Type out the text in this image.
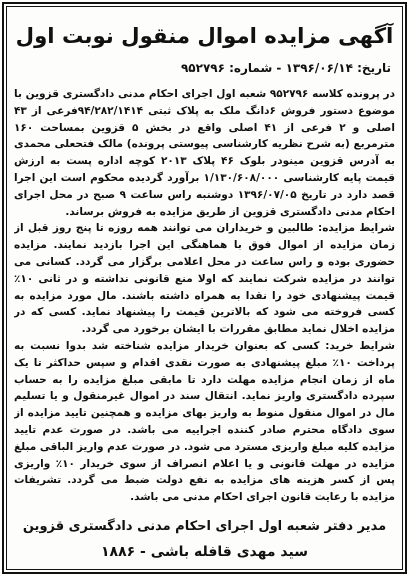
آگهی مزایده اموال منقول نوبت اول
تاریخ: ۱۳۹۶/۰۶/۱۴ - شماره: ۹۵۲۷۹۶

در پرونده کلاسه ۹۵۲۷۹۶ شعبه اول اجرای احکام مدنی دادگستری قزوین با موضوع دستور فروش ۶دانگ ملک به پلاک ثبتی ۹۴/۲۸۲/۱۴۱۴فرعی از ۴۳ اصلی و ۲ فرعی از ۴۱ اصلی واقع در بخش ۵ قزوین بمساحت ۱۶۰ مترمربع (به شرح نظریه کارشناسی پیوستی پرونده) مالک فتحعلی محمدی به آدرس قزوین مینودر بلوک ۴۶ پلاک ۲۰۱۳ کوچه اداره پست به ارزش قیمت پایه کارشناسی ۱/۱۳۰/۶۰۸/۰۰۰ برآورد گردیده محکوم است این اجرا قصد دارد در تاریخ ۱۳۹۶/۰۷/۰۵ دوشنبه راس ساعت ۹ صبح در محل اجرای احکام مدنی دادگستری قزوین از طریق مزایده به فروش برساند.

شرایط مزایده: طالبین و خریداران می توانند همه روزه تا پنج روز قبل از زمان مزایده از اموال فوق با هماهنگی این اجرا بازدید نمایند. مزایده حضوری بوده و راس ساعت در محل اعلامی برگزار می گردد. کسانی می توانند در مزایده شرکت نمایند که اولا منع قانونی نداشته و در ثانی ۱۰٪ قیمت پیشنهادی خود را نقدا به همراه داشته باشند. مال مورد مزایده به کسی فروخته می شود که بالاترین قیمت را پیشنهاد نماید. کسی که در مزایده اخلال نماید مطابق مقررات با ایشان برخورد می گردد.

شرایط خرید: کسی که بعنوان خریدار مزایده شناخته شد بدوا نسبت به پرداخت ۱۰٪ مبلغ پیشنهادی به صورت نقدی اقدام و سپس حداکثر تا یک ماه از زمان انجام مزایده مهلت دارد تا مابقی مبلغ مزایده را به حساب سپرده دادگستری واریز نماید. انتقال سند در اموال غیرمنقول و یا تسلیم مال در اموال منقول منوط به واریز بهای مزایده و همچنین تایید مزایده از سوی دادگاه محترم صادر کننده اجراییه می باشد. در صورت عدم تایید مزایده کلیه مبلغ واریزی مسترد می شود. در صورت عدم واریز الباقی مبلغ مزایده در مهلت قانونی و یا اعلام انصراف از سوی خریدار ۱۰٪ واریزی پس از کسر هزینه های مزایده به نفع دولت ضبط می گردد. تشریفات مزایده با رعایت قانون اجرای احکام مدنی می باشد.

مدیر دفتر شعبه اول اجرای احکام مدنی دادگستری قزوین
سید مهدی قافله باشی - ۱۸۸۶
